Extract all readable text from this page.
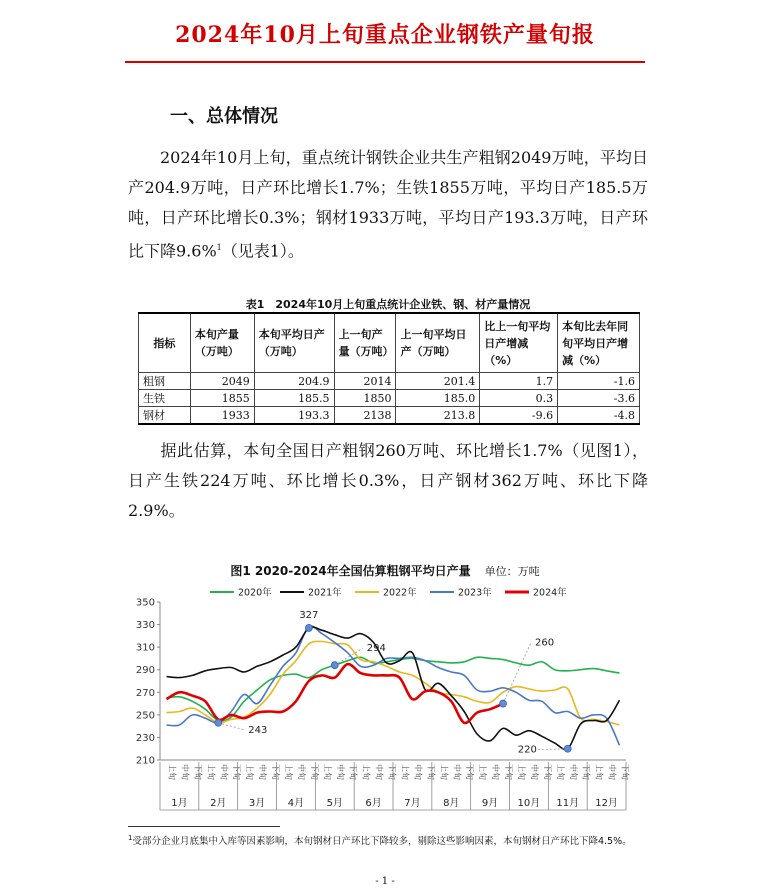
2024年10月上旬重点企业钢铁产量旬报
一、总体情况
2024年10月上旬，重点统计钢铁企业共生产粗钢2049万吨，平均日产204.9万吨，日产环比增长1.7%；生铁1855万吨，平均日产185.5万吨，日产环比增长0.3%；钢材1933万吨，平均日产193.3万吨，日产环比下降9.6%$^1$（见表1）。
表1　2024年10月上旬重点统计企业铁、钢、材产量情况
指标	本旬产量（万吨）	本旬平均日产（万吨）	上一旬产量（万吨）	上一旬平均日产（万吨）	比上一旬平均日产增减（%）	本旬比去年同旬平均日产增减（%）
粗钢	2049	204.9	2014	201.4	1.7	-1.6
生铁	1855	185.5	1850	185.0	0.3	-3.6
钢材	1933	193.3	2138	213.8	-9.6	-4.8
据此估算，本旬全国日产粗钢260万吨、环比增长1.7%（见图1），日产生铁224万吨、环比增长0.3%，日产钢材362万吨、环比下降2.9%。
图1 2020-2024年全国估算粗钢平均日产量 单位：万吨
210
230
250
270
290
310
330
350
上旬 中旬 下旬 上旬 中旬 下旬 上旬 中旬 下旬 上旬 中旬 下旬 上旬 中旬 下旬 上旬 中旬 下旬 上旬 中旬 下旬 上旬 中旬 下旬 上旬 中旬 下旬 上旬 中旬 下旬 上旬 中旬 下旬 上旬 中旬 下旬
1月 2月 3月 4月 5月 6月 7月 8月 9月 10月 11月 12月
2020年	2021年	2022年	2023年	2024年
327
294
260
243
220
$^1$受部分企业月底集中入库等因素影响，本旬钢材日产环比下降较多，剔除这些影响因素，本旬钢材日产环比下降4.5%。
- 1 -
